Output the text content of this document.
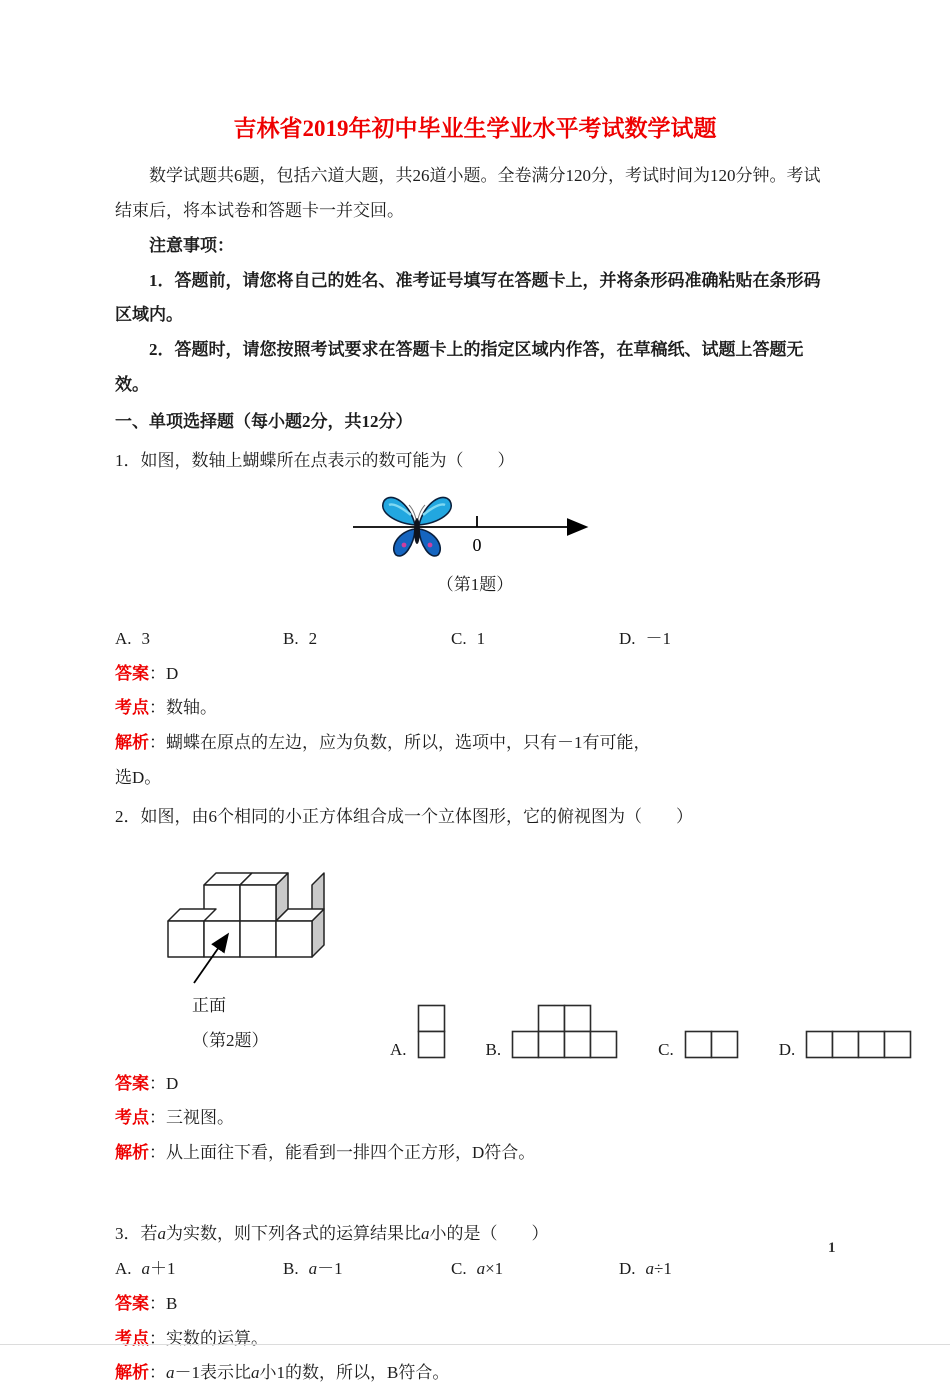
吉林省2019年初中毕业生学业水平考试数学试题

数学试题共6题，包括六道大题，共26道小题。全卷满分120分，考试时间为120分钟。考试结束后，将本试卷和答题卡一并交回。

注意事项：

1．答题前，请您将自己的姓名、准考证号填写在答题卡上，并将条形码准确粘贴在条形码区域内。

2．答题时，请您按照考试要求在答题卡上的指定区域内作答，在草稿纸、试题上答题无效。

一、单项选择题（每小题2分，共12分）

1．如图，数轴上蝴蝶所在点表示的数可能为（　　）

0

（第1题）

A. 3	B. 2	C. 1	D. －1

答案：D

考点：数轴。

解析：蝴蝶在原点的左边，应为负数，所以，选项中，只有－1有可能，

选D。

2．如图，由6个相同的小正方体组合成一个立体图形，它的俯视图为（　　）

正面

（第2题）	A.	B.	C.	D.

答案：D

考点：三视图。

解析：从上面往下看，能看到一排四个正方形，D符合。

3．若a为实数，则下列各式的运算结果比a小的是（　　）

A. a＋1	B. a－1	C. a×1	D. a÷1

答案：B

考点：实数的运算。

解析：a－1表示比a小1的数，所以，B符合。

1
